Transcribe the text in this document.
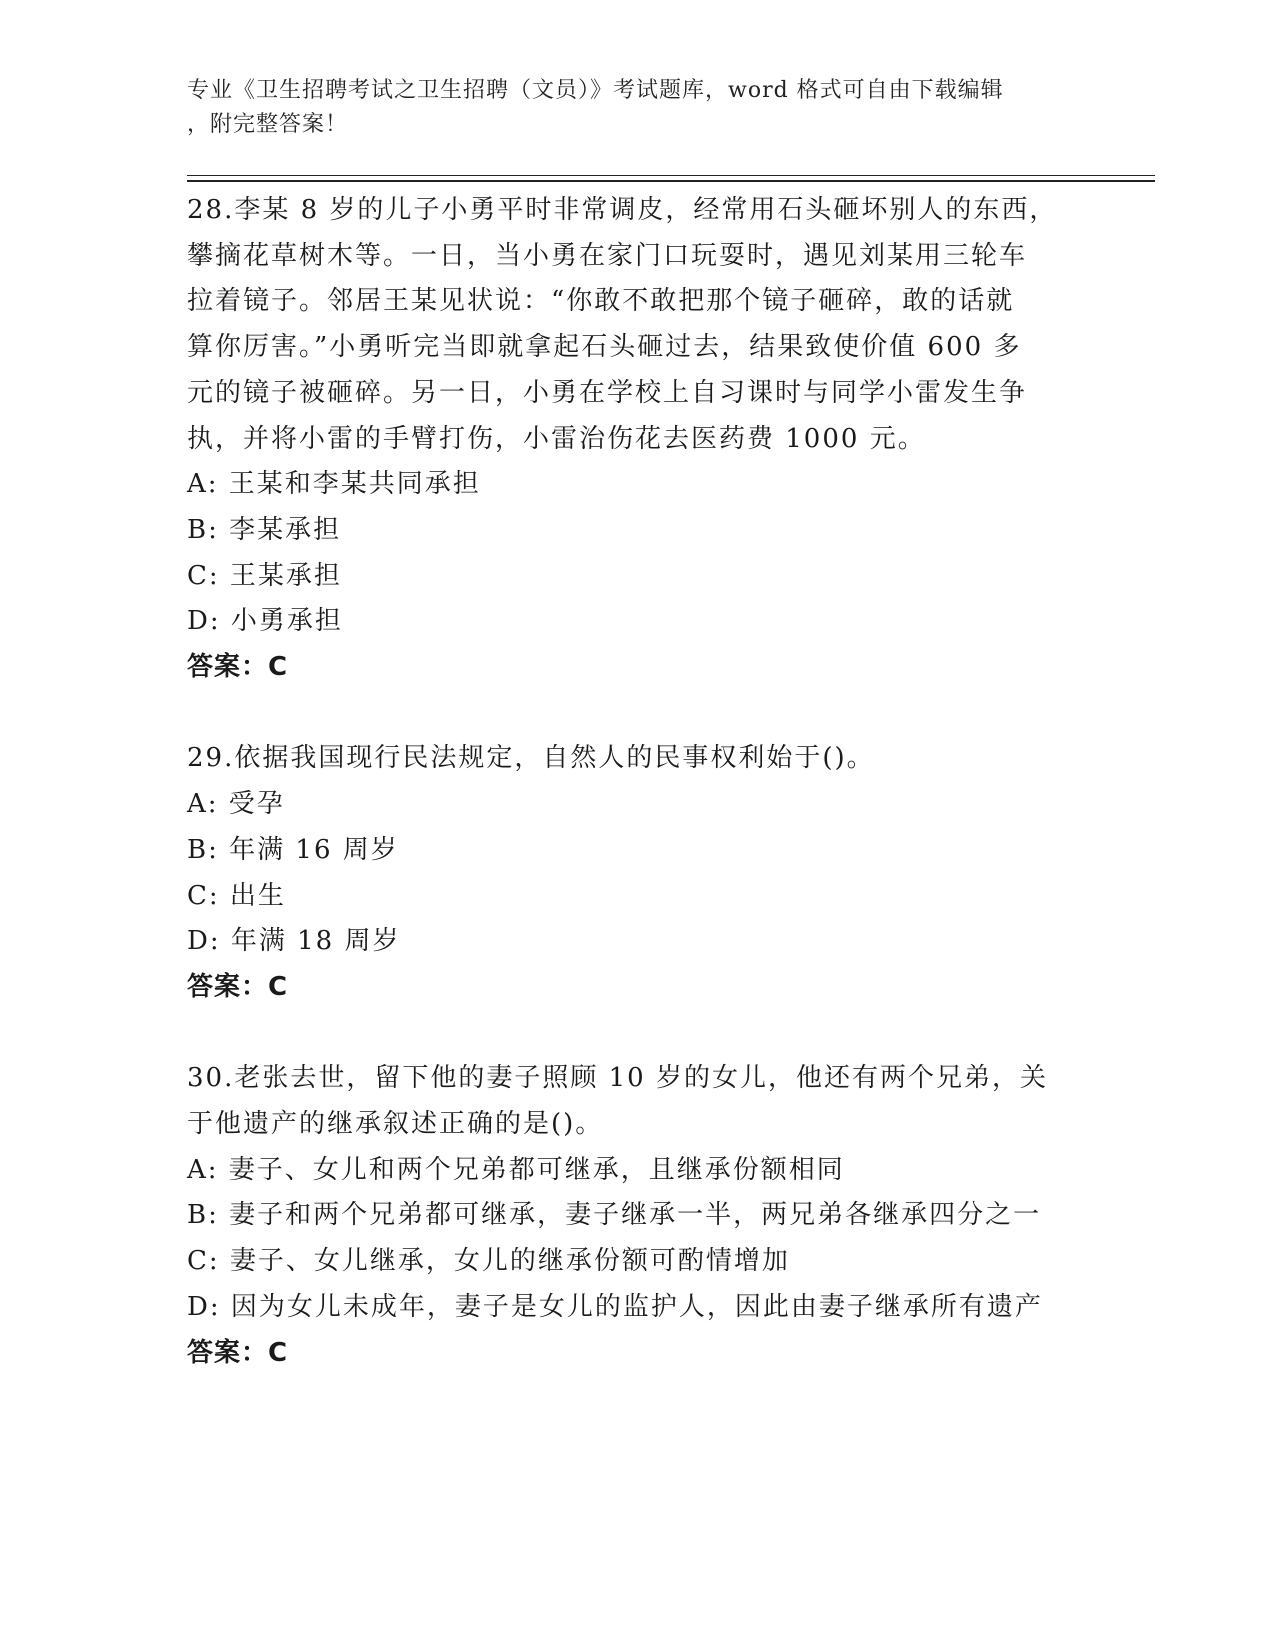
专业《卫生招聘考试之卫生招聘（文员）》考试题库，word 格式可自由下载编辑
，附完整答案！
28.李某 8 岁的儿子小勇平时非常调皮，经常用石头砸坏别人的东西，
攀摘花草树木等。一日，当小勇在家门口玩耍时，遇见刘某用三轮车
拉着镜子。邻居王某见状说：“你敢不敢把那个镜子砸碎，敢的话就
算你厉害。”小勇听完当即就拿起石头砸过去，结果致使价值 600 多
元的镜子被砸碎。另一日，小勇在学校上自习课时与同学小雷发生争
执，并将小雷的手臂打伤，小雷治伤花去医药费 1000 元。
A: 王某和李某共同承担
B: 李某承担
C: 王某承担
D: 小勇承担
答案：C
29.依据我国现行民法规定，自然人的民事权利始于()。
A: 受孕
B: 年满 16 周岁
C: 出生
D: 年满 18 周岁
答案：C
30.老张去世，留下他的妻子照顾 10 岁的女儿，他还有两个兄弟，关
于他遗产的继承叙述正确的是()。
A: 妻子、女儿和两个兄弟都可继承，且继承份额相同
B: 妻子和两个兄弟都可继承，妻子继承一半，两兄弟各继承四分之一
C: 妻子、女儿继承，女儿的继承份额可酌情增加
D: 因为女儿未成年，妻子是女儿的监护人，因此由妻子继承所有遗产
答案：C
